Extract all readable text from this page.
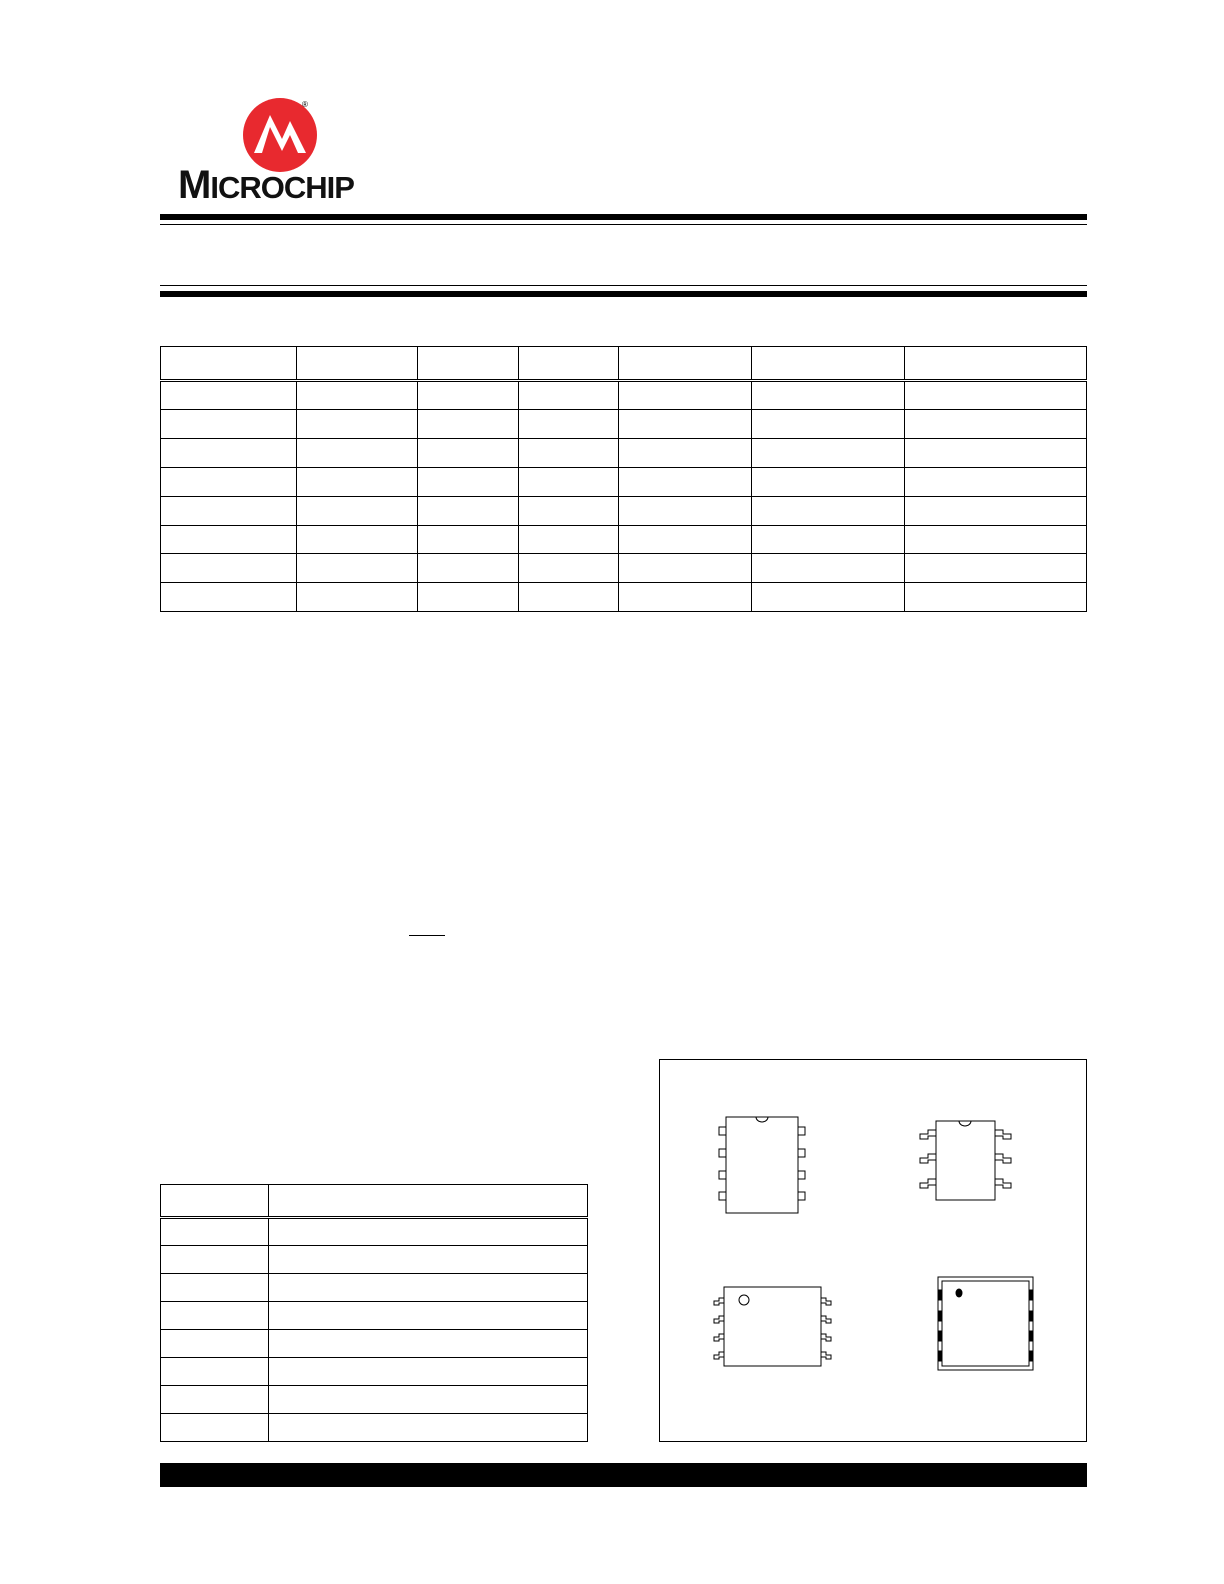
®
MICROCHIP
